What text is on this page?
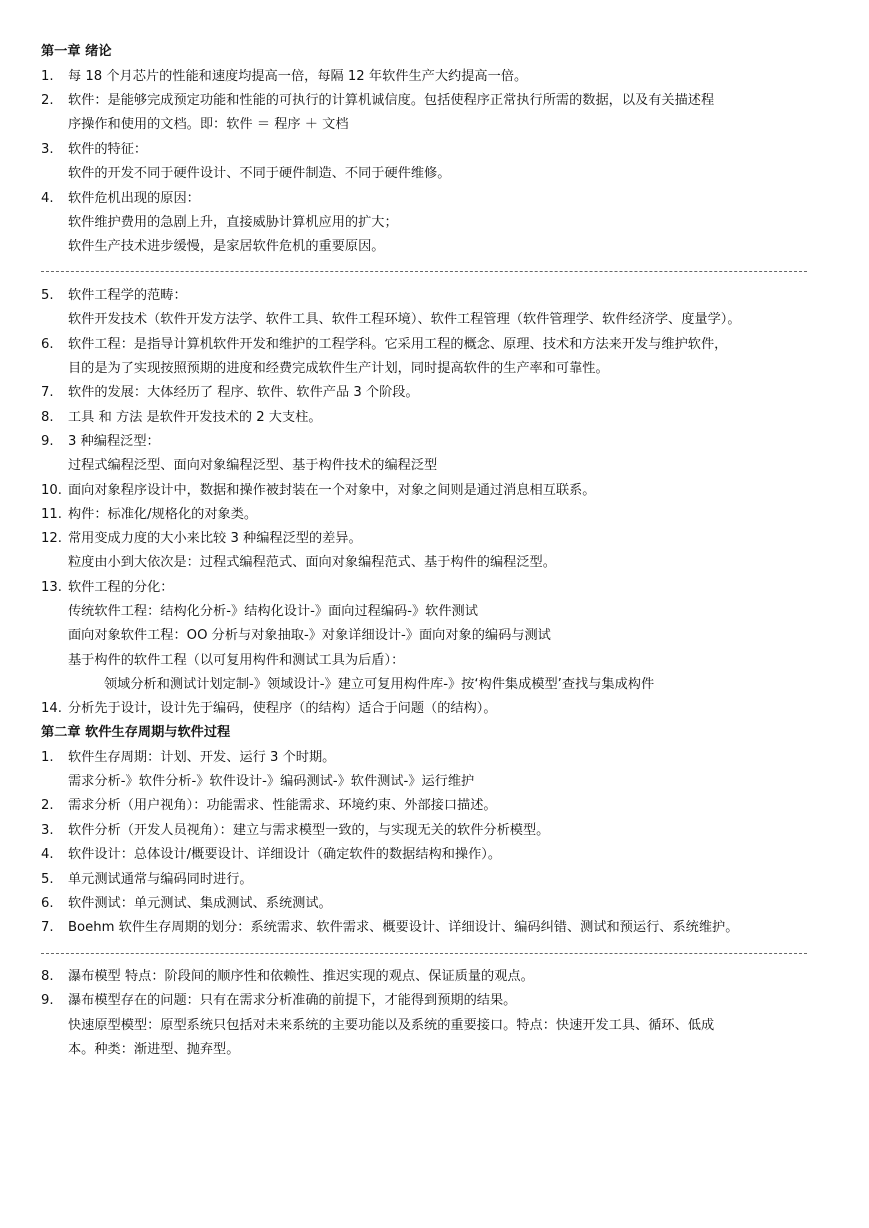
第一章 绪论
1.	每 18 个月芯片的性能和速度均提高一倍，每隔 12 年软件生产大约提高一倍。
2.	软件：是能够完成预定功能和性能的可执行的计算机诚信度。包括使程序正常执行所需的数据，以及有关描述程
序操作和使用的文档。即：软件 ＝ 程序 ＋ 文档
3.	软件的特征：
软件的开发不同于硬件设计、不同于硬件制造、不同于硬件维修。
4.	软件危机出现的原因：
软件维护费用的急剧上升，直接威胁计算机应用的扩大；
软件生产技术进步缓慢，是家居软件危机的重要原因。
5.	软件工程学的范畴：
软件开发技术（软件开发方法学、软件工具、软件工程环境）、软件工程管理（软件管理学、软件经济学、度量学）。
6.	软件工程：是指导计算机软件开发和维护的工程学科。它采用工程的概念、原理、技术和方法来开发与维护软件，
目的是为了实现按照预期的进度和经费完成软件生产计划，同时提高软件的生产率和可靠性。
7.	软件的发展：大体经历了 程序、软件、软件产品 3 个阶段。
8.	工具 和 方法 是软件开发技术的 2 大支柱。
9.	3 种编程泛型：
过程式编程泛型、面向对象编程泛型、基于构件技术的编程泛型
10. 面向对象程序设计中，数据和操作被封装在一个对象中，对象之间则是通过消息相互联系。
11. 构件：标准化/规格化的对象类。
12. 常用变成力度的大小来比较 3 种编程泛型的差异。
粒度由小到大依次是：过程式编程范式、面向对象编程范式、基于构件的编程泛型。
13. 软件工程的分化：
传统软件工程：结构化分析-》结构化设计-》面向过程编码-》软件测试
面向对象软件工程：OO 分析与对象抽取-》对象详细设计-》面向对象的编码与测试
基于构件的软件工程（以可复用构件和测试工具为后盾）：
领域分析和测试计划定制-》领域设计-》建立可复用构件库-》按‘构件集成模型’查找与集成构件
14. 分析先于设计，设计先于编码，使程序（的结构）适合于问题（的结构）。
第二章 软件生存周期与软件过程
1.	软件生存周期：计划、开发、运行 3 个时期。
需求分析-》软件分析-》软件设计-》编码测试-》软件测试-》运行维护
2.	需求分析（用户视角）：功能需求、性能需求、环境约束、外部接口描述。
3.	软件分析（开发人员视角）：建立与需求模型一致的，与实现无关的软件分析模型。
4.	软件设计：总体设计/概要设计、详细设计（确定软件的数据结构和操作）。
5.	单元测试通常与编码同时进行。
6.	软件测试：单元测试、集成测试、系统测试。
7.	Boehm 软件生存周期的划分：系统需求、软件需求、概要设计、详细设计、编码纠错、测试和预运行、系统维护。
8.	瀑布模型 特点：阶段间的顺序性和依赖性、推迟实现的观点、保证质量的观点。
9.	瀑布模型存在的问题：只有在需求分析准确的前提下，才能得到预期的结果。
快速原型模型：原型系统只包括对未来系统的主要功能以及系统的重要接口。特点：快速开发工具、循环、低成
本。种类：渐进型、抛弃型。
